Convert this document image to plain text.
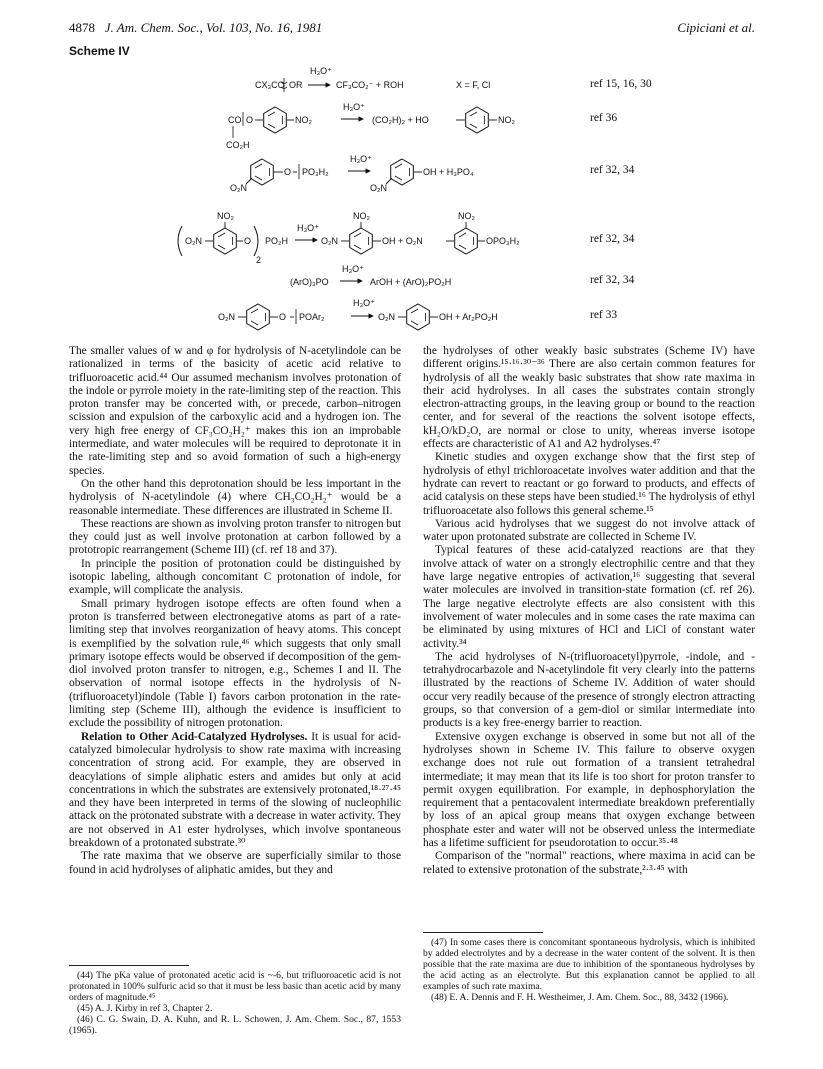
4878 J. Am. Chem. Soc., Vol. 103, No. 16, 1981	Cipiciani et al.
Scheme IV
CX₃CO OR
H₃O⁺
CF₃CO₂⁻ + ROH	X = F, Cl
CO O	NO₂
CO₂H
H₃O⁺
(CO₂H)₂ + HO	NO₂
O₂N
O PO₃H₂
H₃O⁺
O₂N
OH + H₃PO₄
O₂N
NO₂
O
2
PO₂H
H₃O⁺
O₂N
NO₂
OH + O₂N
NO₂
OPO₃H₂
(ArO)₃PO
H₃O⁺
ArOH + (ArO)₂PO₂H
O₂N	O POAr₂
H₃O⁺
O₂N	OH + Ar₂PO₂H
ref 15, 16, 30
ref 36
ref 32, 34
ref 32, 34
ref 32, 34
ref 33

The smaller values of w and φ for hydrolysis of N-acetylindole can be rationalized in terms of the basicity of acetic acid relative to trifluoroacetic acid.⁴⁴ Our assumed mechanism involves protonation of the indole or pyrrole moiety in the rate-limiting step of the reaction. This proton transfer may be concerted with, or precede, carbon–nitrogen scission and expulsion of the carboxylic acid and a hydrogen ion. The very high free energy of CF₃CO₂H₂⁺ makes this ion an improbable intermediate, and water molecules will be required to deprotonate it in the rate-limiting step and so avoid formation of such a high-energy species.

On the other hand this deprotonation should be less important in the hydrolysis of N-acetylindole (4) where CH₃CO₂H₂⁺ would be a reasonable intermediate. These differences are illustrated in Scheme II.

These reactions are shown as involving proton transfer to nitrogen but they could just as well involve protonation at carbon followed by a prototropic rearrangement (Scheme III) (cf. ref 18 and 37).

In principle the position of protonation could be distinguished by isotopic labeling, although concomitant C protonation of indole, for example, will complicate the analysis.

Small primary hydrogen isotope effects are often found when a proton is transferred between electronegative atoms as part of a rate-limiting step that involves reorganization of heavy atoms. This concept is exemplified by the solvation rule,⁴⁶ which suggests that only small primary isotope effects would be observed if decomposition of the gem-diol involved proton transfer to nitrogen, e.g., Schemes I and II. The observation of normal isotope effects in the hydrolysis of N-(trifluoroacetyl)indole (Table I) favors carbon protonation in the rate-limiting step (Scheme III), although the evidence is insufficient to exclude the possibility of nitrogen protonation.

Relation to Other Acid-Catalyzed Hydrolyses. It is usual for acid-catalyzed bimolecular hydrolysis to show rate maxima with increasing concentration of strong acid. For example, they are observed in deacylations of simple aliphatic esters and amides but only at acid concentrations in which the substrates are extensively protonated,¹⁸·²⁷·⁴⁵ and they have been interpreted in terms of the slowing of nucleophilic attack on the protonated substrate with a decrease in water activity. They are not observed in A1 ester hydrolyses, which involve spontaneous breakdown of a protonated substrate.³⁰

The rate maxima that we observe are superficially similar to those found in acid hydrolyses of aliphatic amides, but they and

the hydrolyses of other weakly basic substrates (Scheme IV) have different origins.¹⁵·¹⁶·³⁰⁻³⁶ There are also certain common features for hydrolysis of all the weakly basic substrates that show rate maxima in their acid hydrolyses. In all cases the substrates contain strongly electron-attracting groups, in the leaving group or bound to the reaction center, and for several of the reactions the solvent isotope effects, kH₂O/kD₂O, are normal or close to unity, whereas inverse isotope effects are characteristic of A1 and A2 hydrolyses.⁴⁷

Kinetic studies and oxygen exchange show that the first step of hydrolysis of ethyl trichloroacetate involves water addition and that the hydrate can revert to reactant or go forward to products, and effects of acid catalysis on these steps have been studied.¹⁶ The hydrolysis of ethyl trifluoroacetate also follows this general scheme.¹⁵

Various acid hydrolyses that we suggest do not involve attack of water upon protonated substrate are collected in Scheme IV.

Typical features of these acid-catalyzed reactions are that they involve attack of water on a strongly electrophilic centre and that they have large negative entropies of activation,¹⁶ suggesting that several water molecules are involved in transition-state formation (cf. ref 26). The large negative electrolyte effects are also consistent with this involvement of water molecules and in some cases the rate maxima can be eliminated by using mixtures of HCl and LiCl of constant water activity.³⁴

The acid hydrolyses of N-(trifluoroacetyl)pyrrole, -indole, and -tetrahydrocarbazole and N-acetylindole fit very clearly into the patterns illustrated by the reactions of Scheme IV. Addition of water should occur very readily because of the presence of strongly electron attracting groups, so that conversion of a gem-diol or similar intermediate into products is a key free-energy barrier to reaction.

Extensive oxygen exchange is observed in some but not all of the hydrolyses shown in Scheme IV. This failure to observe oxygen exchange does not rule out formation of a transient tetrahedral intermediate; it may mean that its life is too short for proton transfer to permit oxygen equilibration. For example, in dephosphorylation the requirement that a pentacovalent intermediate breakdown preferentially by loss of an apical group means that oxygen exchange between phosphate ester and water will not be observed unless the intermediate has a lifetime sufficient for pseudorotation to occur.³⁵·⁴⁸

Comparison of the "normal" reactions, where maxima in acid can be related to extensive protonation of the substrate,²·³·⁴⁵ with

(44) The pKa value of protonated acetic acid is ~-6, but trifluoroacetic acid is not protonated in 100% sulfuric acid so that it must be less basic than acetic acid by many orders of magnitude.⁴⁵

(45) A. J. Kirby in ref 3, Chapter 2.

(46) C. G. Swain, D. A. Kuhn, and R. L. Schowen, J. Am. Chem. Soc., 87, 1553 (1965).

(47) In some cases there is concomitant spontaneous hydrolysis, which is inhibited by added electrolytes and by a decrease in the water content of the solvent. It is then possible that the rate maxima are due to inhibition of the spontaneous hydrolyses by the acid acting as an electrolyte. But this explanation cannot be applied to all examples of such rate maxima.

(48) E. A. Dennis and F. H. Westheimer, J. Am. Chem. Soc., 88, 3432 (1966).
